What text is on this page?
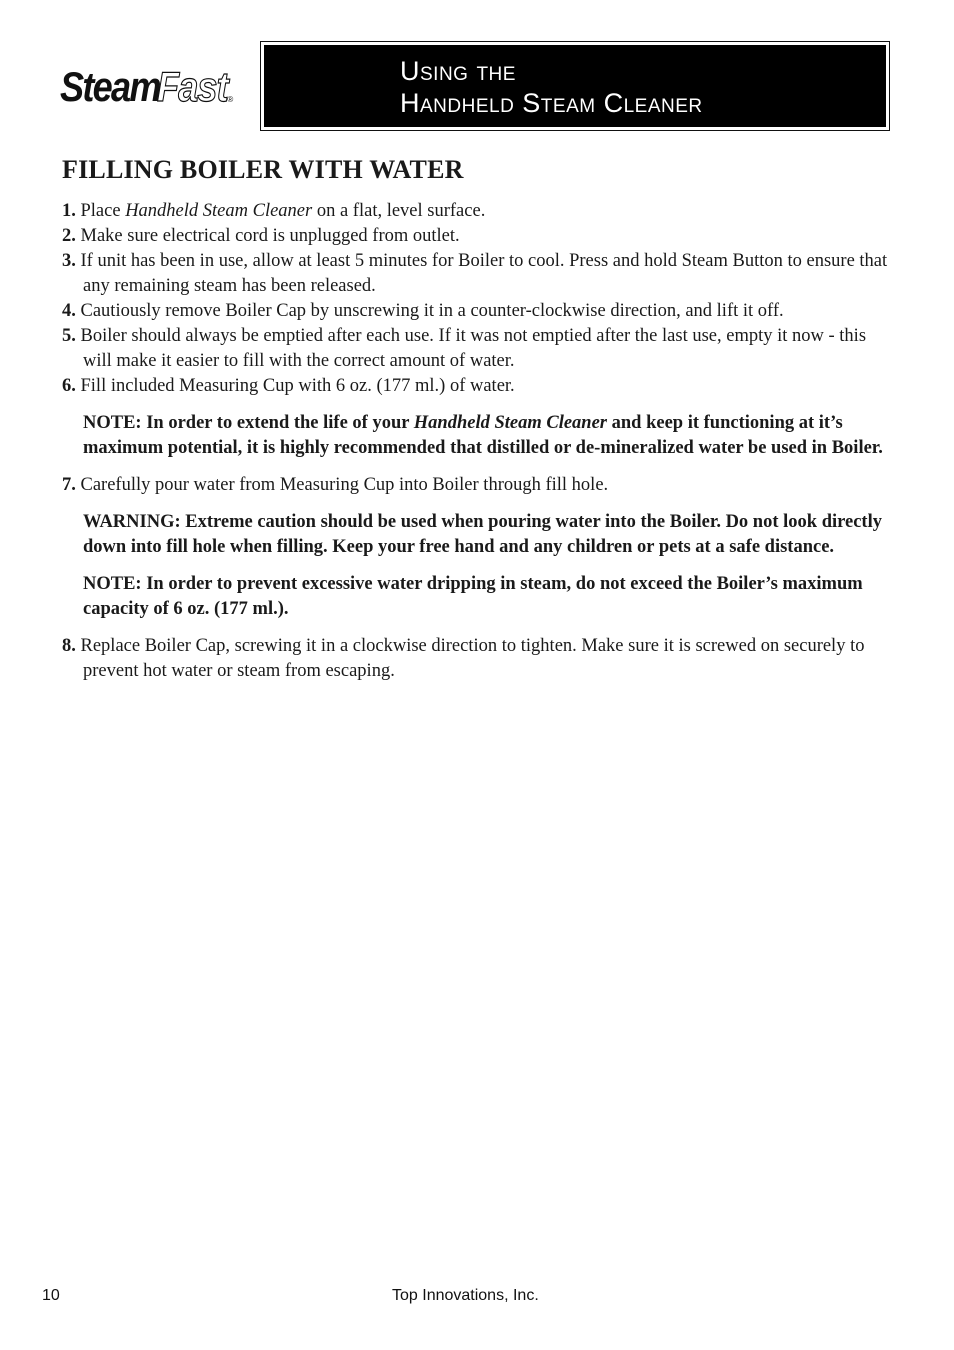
Steam
Fast ®
Using the
Handheld Steam Cleaner
FILLING BOILER WITH WATER

1. Place Handheld Steam Cleaner on a flat, level surface.

2. Make sure electrical cord is unplugged from outlet.

3. If unit has been in use, allow at least 5 minutes for Boiler to cool. Press and hold Steam Button to ensure that any remaining steam has been released.

4. Cautiously remove Boiler Cap by unscrewing it in a counter-clockwise direction, and lift it off.

5. Boiler should always be emptied after each use. If it was not emptied after the last use, empty it now - this will make it easier to fill with the correct amount of water.

6. Fill included Measuring Cup with 6 oz. (177 ml.) of water.

NOTE: In order to extend the life of your Handheld Steam Cleaner and keep it functioning at it’s maximum potential, it is highly recommended that distilled or de-mineralized water be used in Boiler.

7. Carefully pour water from Measuring Cup into Boiler through fill hole.

WARNING: Extreme caution should be used when pouring water into the Boiler. Do not look directly down into fill hole when filling. Keep your free hand and any children or pets at a safe distance.

NOTE: In order to prevent excessive water dripping in steam, do not exceed the Boiler’s maximum capacity of 6 oz. (177 ml.).

8. Replace Boiler Cap, screwing it in a clockwise direction to tighten. Make sure it is screwed on securely to prevent hot water or steam from escaping.

10	Top Innovations, Inc.
